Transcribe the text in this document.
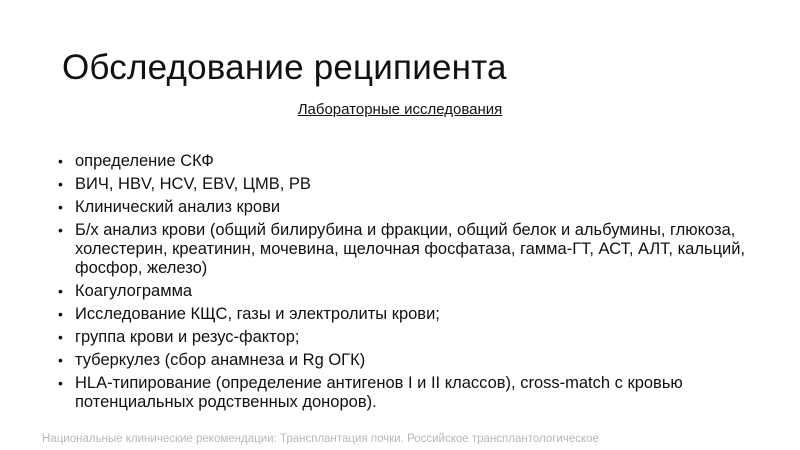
Обследование реципиента
Лабораторные исследования
• определение СКФ
• ВИЧ, HBV, HCV, EBV, ЦМВ, РВ
• Клинический анализ крови
• Б/х анализ крови (общий билирубина и фракции, общий белок и альбумины, глюкоза, холестерин, креатинин, мочевина, щелочная фосфатаза, гамма-ГТ, АСТ, АЛТ, кальций, фосфор, железо)
• Коагулограмма
• Исследование КЩС, газы и электролиты крови;
• группа крови и резус-фактор;
• туберкулез (сбор анамнеза и Rg ОГК)
• HLA-типирование (определение антигенов I и II классов), cross-match с кровью потенциальных родственных доноров).
Национальные клинические рекомендации: Трансплантация почки. Российское трансплантологическое
